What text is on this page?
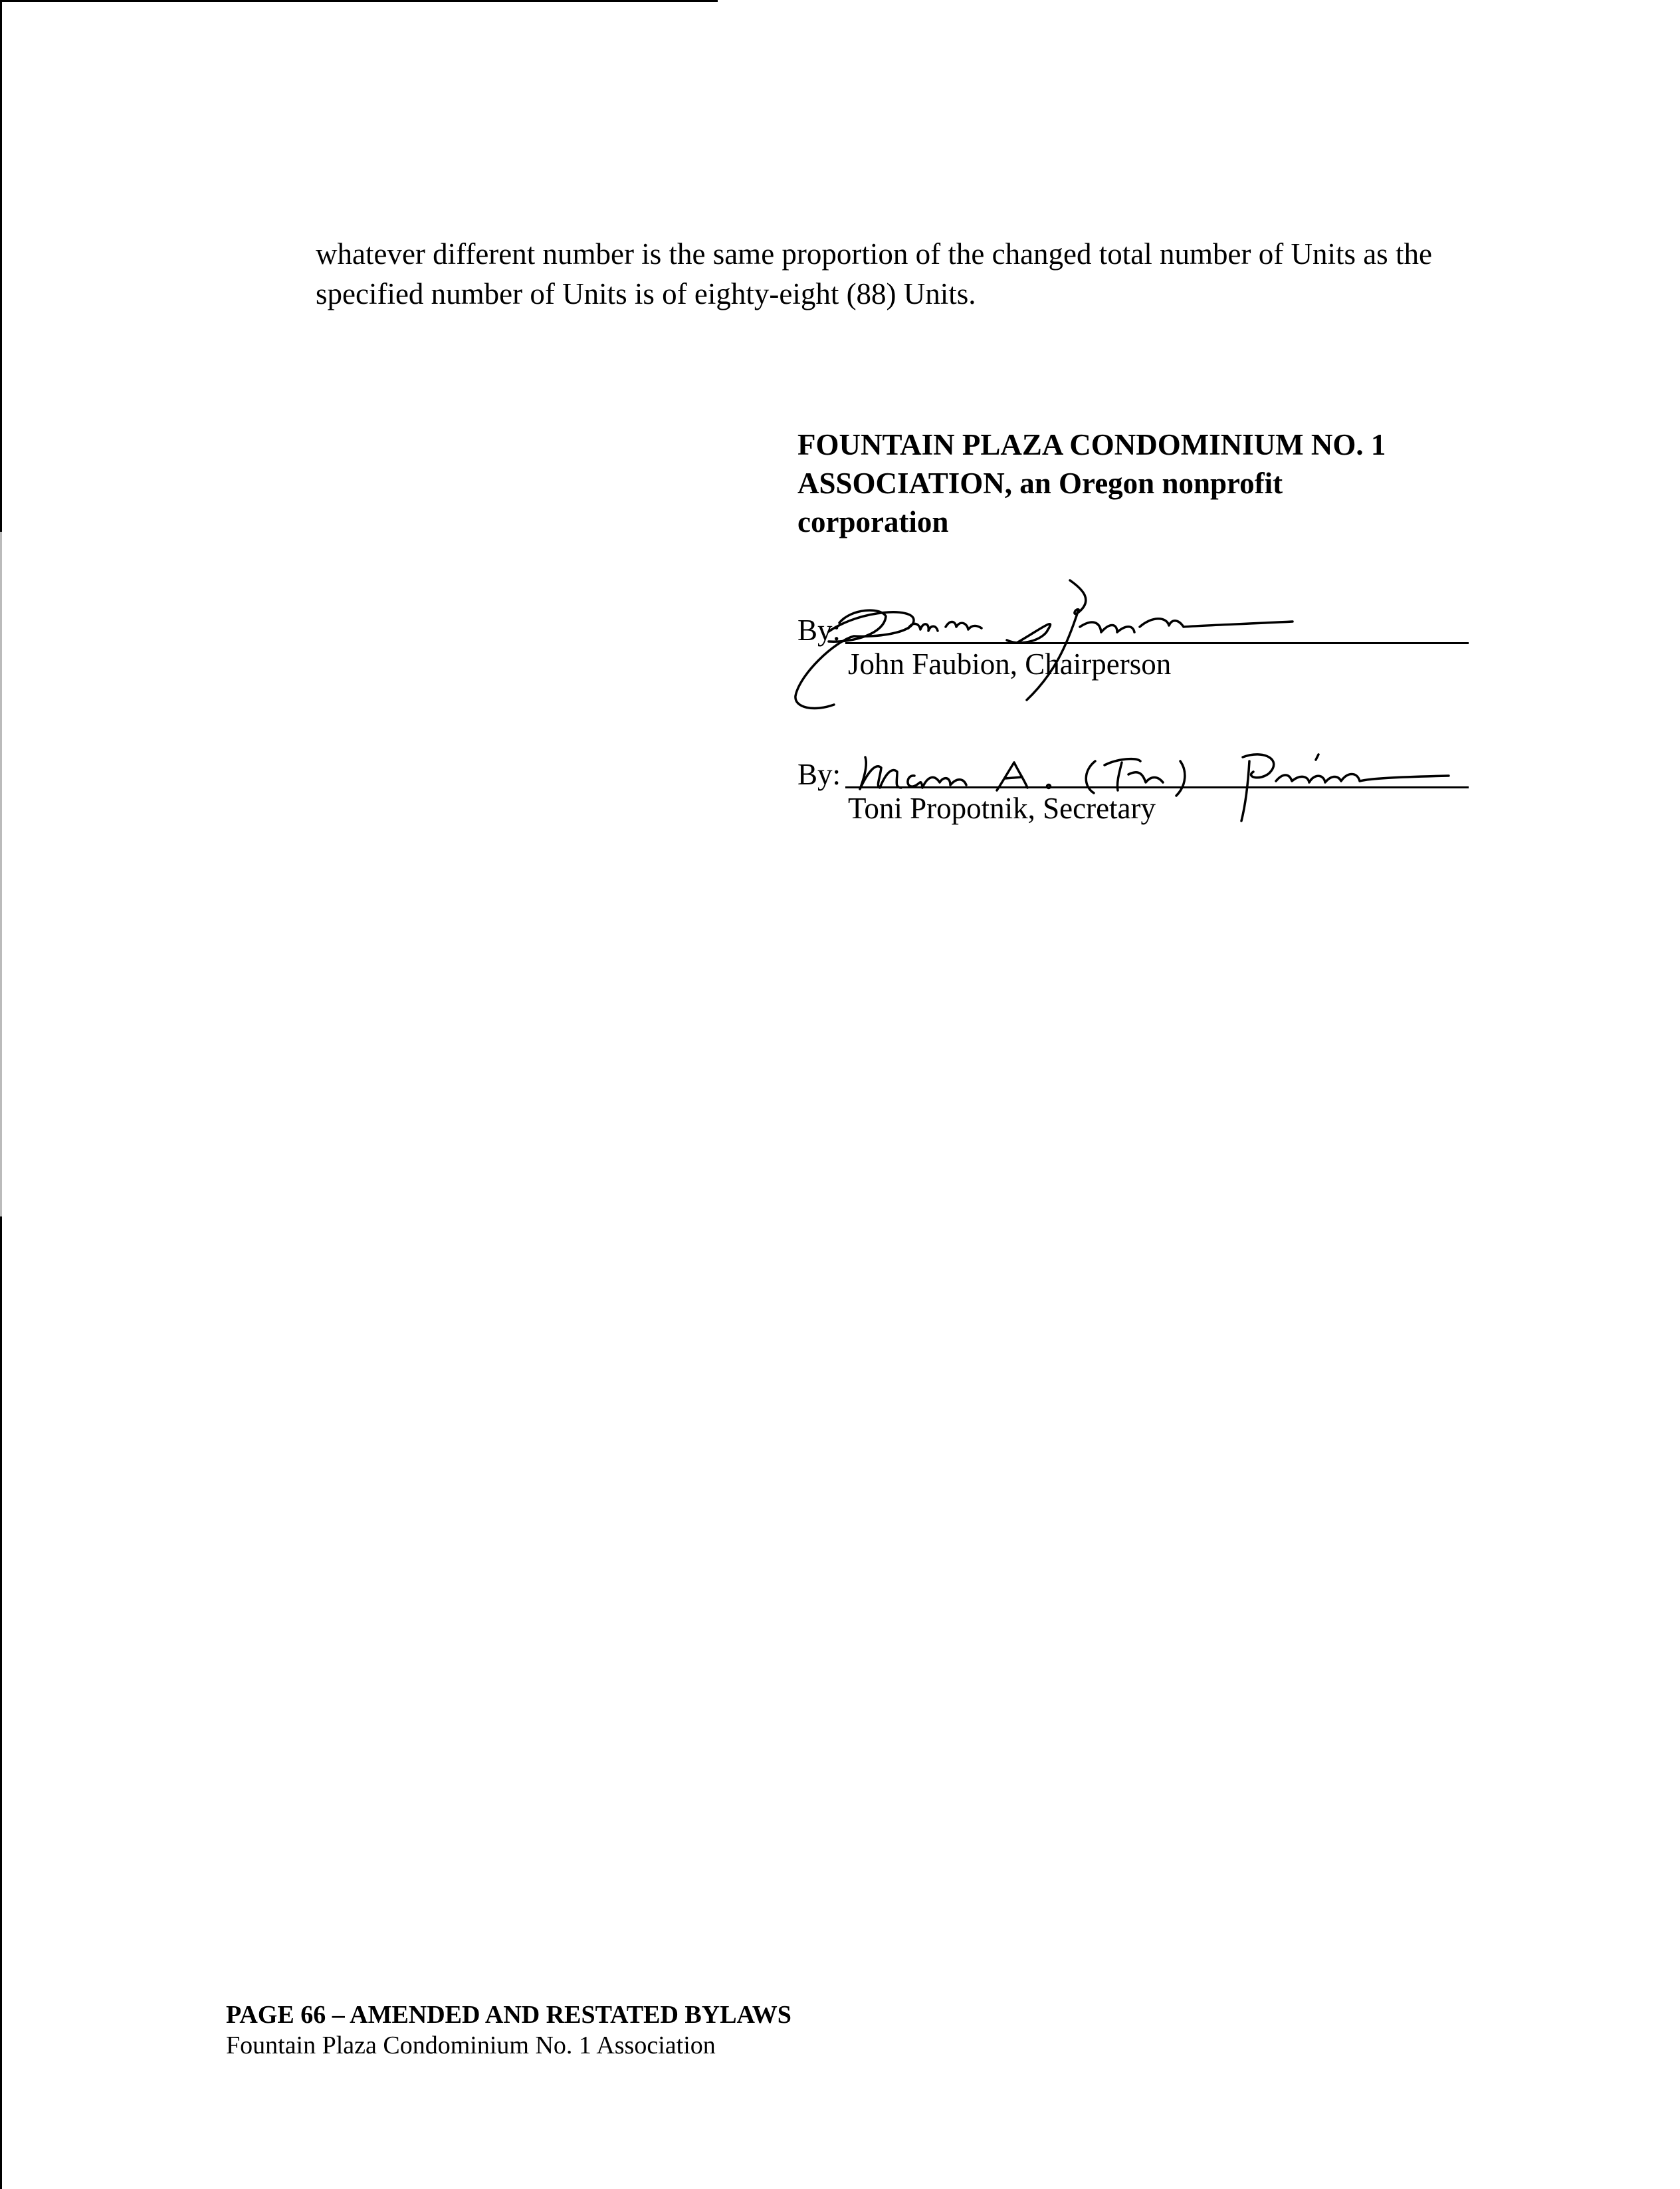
whatever different number is the same proportion of the changed total number of Units as the specified number of Units is of eighty-eight (88) Units.

FOUNTAIN PLAZA CONDOMINIUM NO. 1
ASSOCIATION, an Oregon nonprofit
corporation
By:

John Faubion, Chairperson

By:

Toni Propotnik, Secretary

PAGE 66 – AMENDED AND RESTATED BYLAWS

Fountain Plaza Condominium No. 1 Association
